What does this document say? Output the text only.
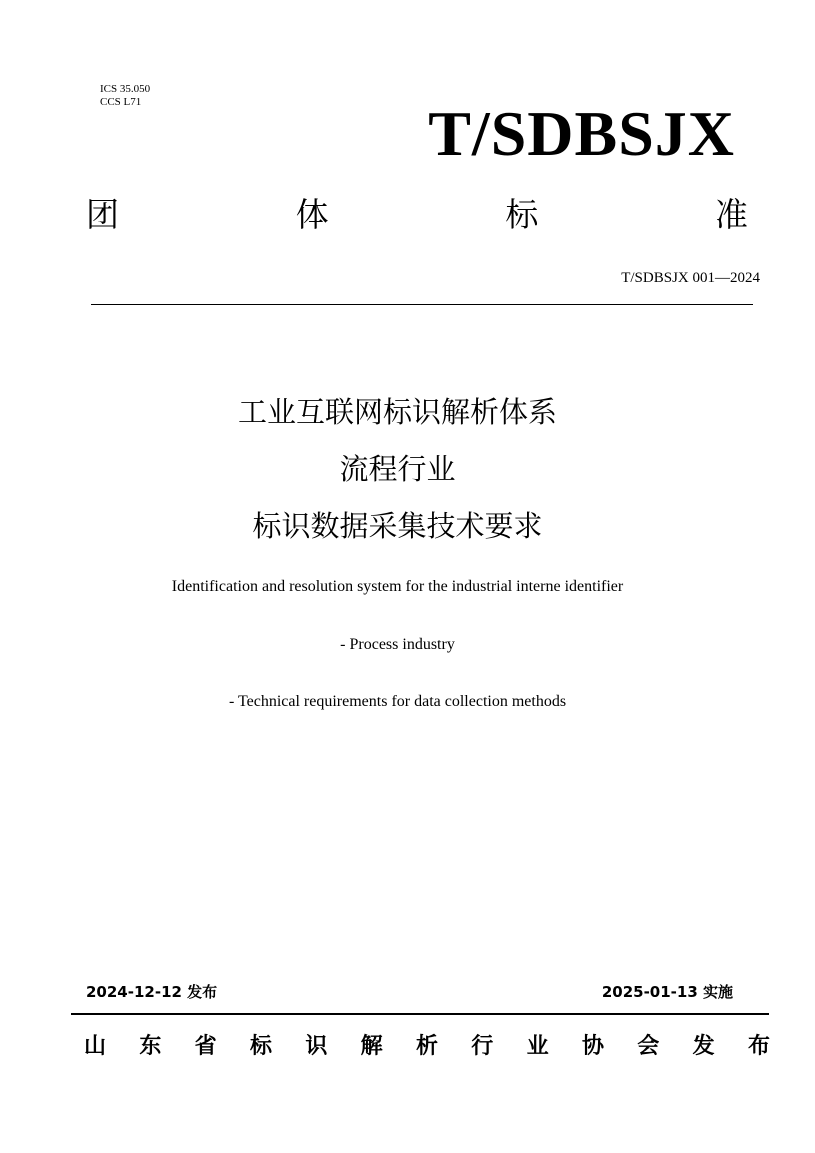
ICS 35.050
CCS L71	T/SDBSJX
团	体	标	准
T/SDBSJX 001—2024
工业互联网标识解析体系
流程行业
标识数据采集技术要求
Identification and resolution system for the industrial interne identifier
- Process industry
- Technical requirements for data collection methods
2024-12-12 发布	2025-01-13 实施
山 东 省 标 识 解 析 行 业 协 会 发 布
